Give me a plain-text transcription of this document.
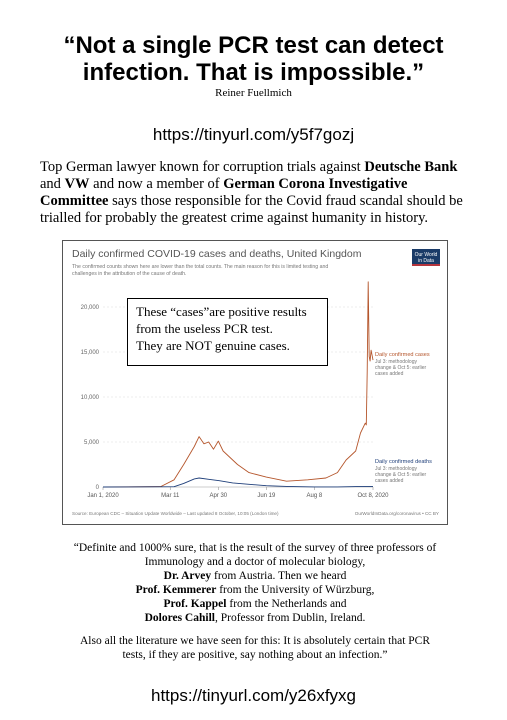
“Not a single PCR test can detect
infection. That is impossible.”
Reiner Fuellmich
https://tinyurl.com/y5f7gozj
Top German lawyer known for corruption trials against Deutsche Bank and VW and now a member of German Corona Investigative Committee says those responsible for the Covid fraud scandal should be trialled for probably the greatest crime against humanity in history.
Daily confirmed COVID-19 cases and deaths, United Kingdom
The confirmed counts shown here are lower than the total counts. The main reason for this is limited testing and
challenges in the attribution of the cause of death.
Our World
in Data
0
5,000
10,000
15,000
20,000
Jan 1, 2020	Mar 11	Apr 30	Jun 19	Aug 8	Oct 8, 2020
Daily confirmed cases
Jul 3: methodology
change & Oct 5: earlier
cases added
Daily confirmed deaths
Jul 3: methodology
change & Oct 5: earlier
cases added
Source: European CDC – Situation Update Worldwide – Last updated 8 October, 10:05 (London time)	OurWorldInData.org/coronavirus • CC BY
These “cases”are positive results
from the useless PCR test.
They are NOT genuine cases.

“Definite and 1000% sure, that is the result of the survey of three professors of Immunology and a doctor of molecular biology,
Dr. Arvey from Austria. Then we heard
Prof. Kemmerer from the University of Würzburg,
Prof. Kappel from the Netherlands and
Dolores Cahill, Professor from Dublin, Ireland.

Also all the literature we have seen for this: It is absolutely certain that PCR tests, if they are positive, say nothing about an infection.”

https://tinyurl.com/y26xfyxg
